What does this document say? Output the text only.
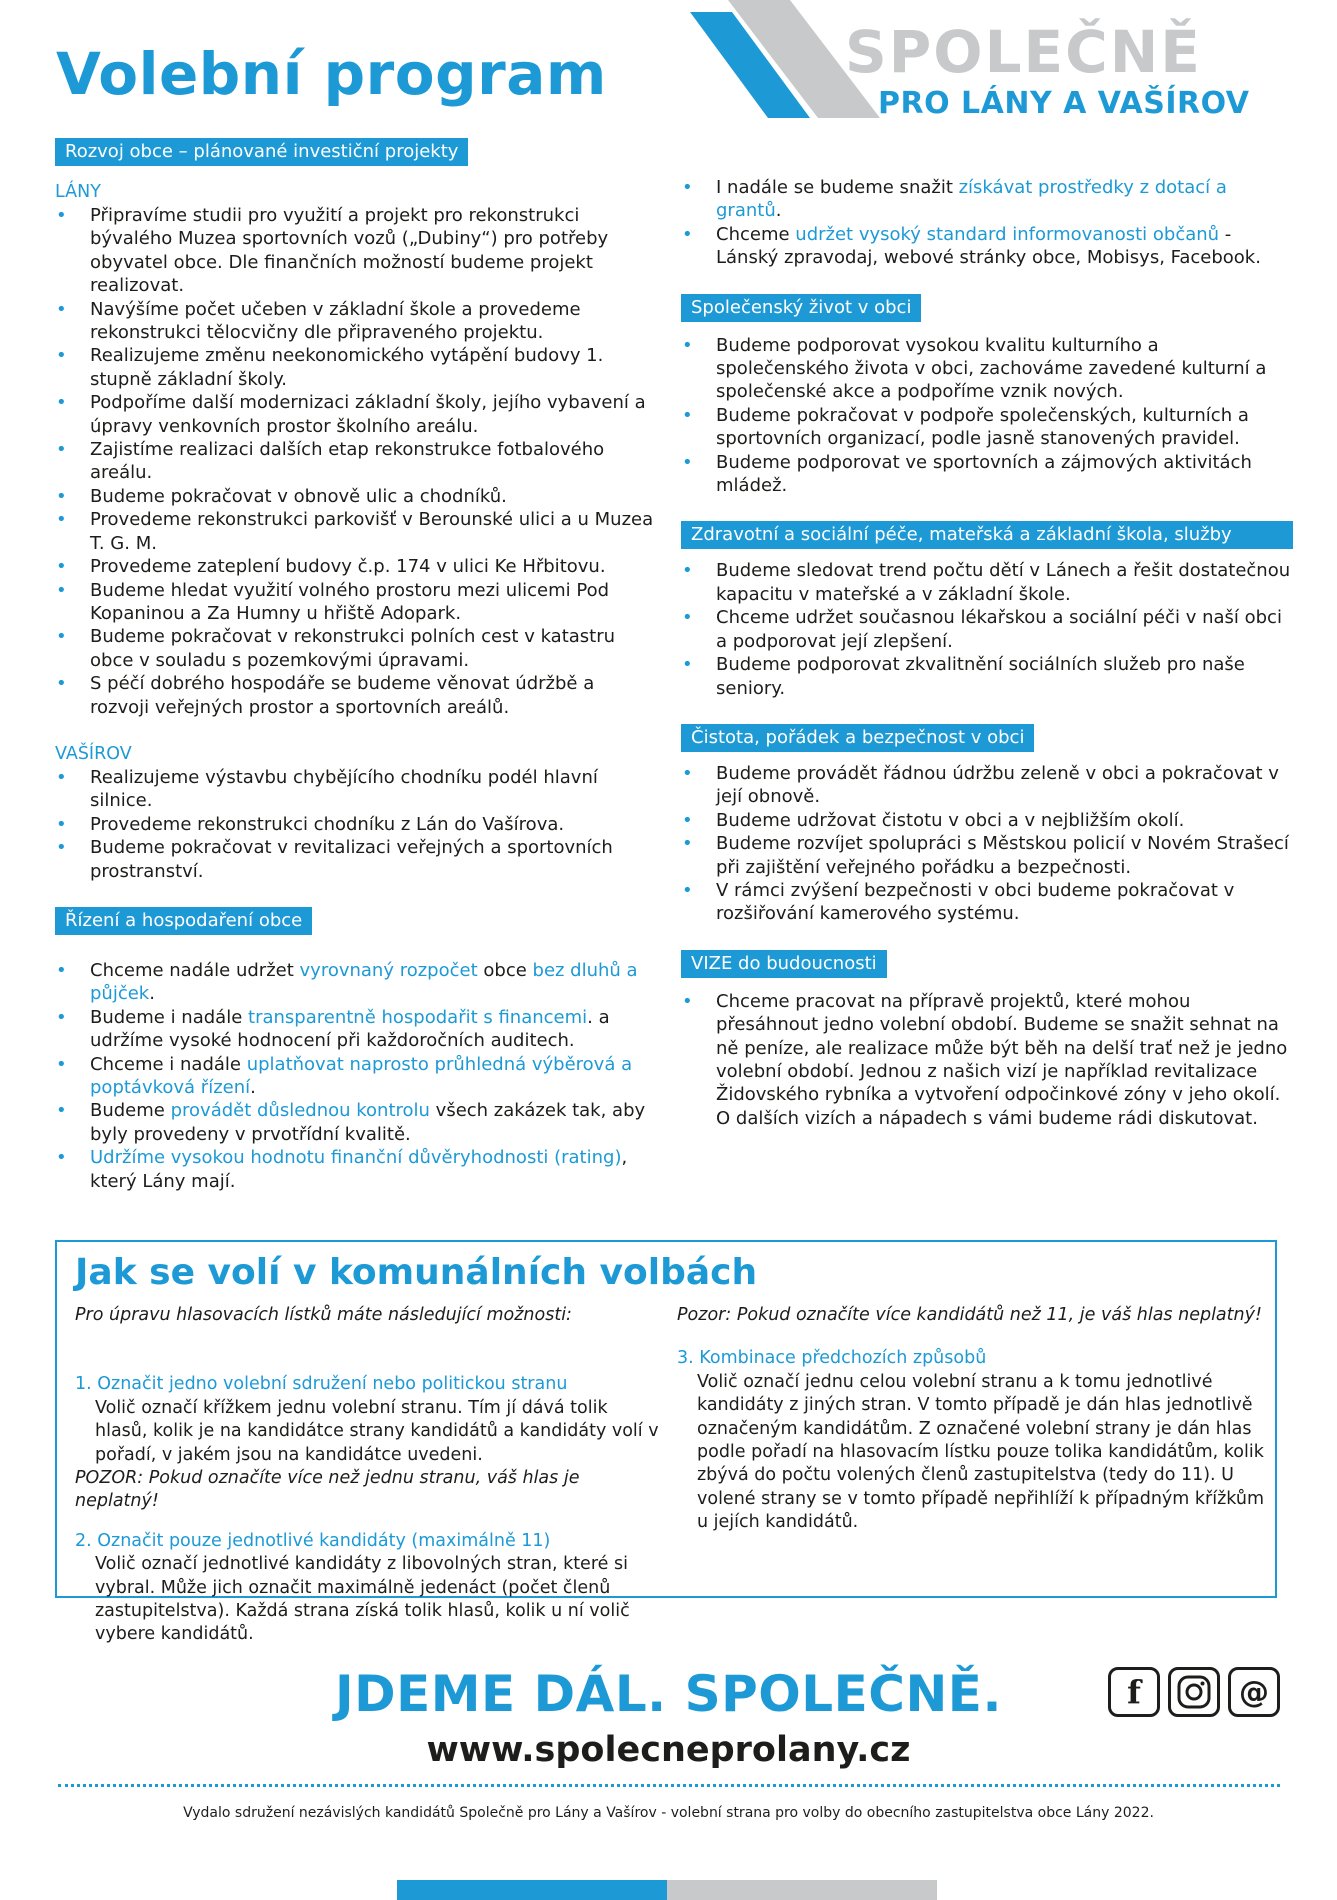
Volební program	SPOLEČNĚ
PRO LÁNY A VAŠÍROV
Rozvoj obce – plánované investiční projekty
LÁNY
• Připravíme studii pro využití a projekt pro rekonstrukci bývalého Muzea sportovních vozů („Dubiny“) pro potřeby obyvatel obce. Dle finančních možností budeme projekt realizovat.
• Navýšíme počet učeben v základní škole a provedeme rekonstrukci tělocvičny dle připraveného projektu.
• Realizujeme změnu neekonomického vytápění budovy 1. stupně základní školy.
• Podpoříme další modernizaci základní školy, jejího vybavení a úpravy venkovních prostor školního areálu.
• Zajistíme realizaci dalších etap rekonstrukce fotbalového areálu.
• Budeme pokračovat v obnově ulic a chodníků.
• Provedeme rekonstrukci parkovišť v Berounské ulici a u Muzea T. G. M.
• Provedeme zateplení budovy č.p. 174 v ulici Ke Hřbitovu.
• Budeme hledat využití volného prostoru mezi ulicemi Pod Kopaninou a Za Humny u hřiště Adopark.
• Budeme pokračovat v rekonstrukci polních cest v katastru obce v souladu s pozemkovými úpravami.
• S péčí dobrého hospodáře se budeme věnovat údržbě a rozvoji veřejných prostor a sportovních areálů.
VAŠÍROV
• Realizujeme výstavbu chybějícího chodníku podél hlavní silnice.
• Provedeme rekonstrukci chodníku z Lán do Vašírova.
• Budeme pokračovat v revitalizaci veřejných a sportovních prostranství.
Řízení a hospodaření obce
• Chceme nadále udržet vyrovnaný rozpočet obce bez dluhů a půjček.
• Budeme i nadále transparentně hospodařit s financemi. a udržíme vysoké hodnocení při každoročních auditech.
• Chceme i nadále uplatňovat naprosto průhledná výběrová a poptávková řízení.
• Budeme provádět důslednou kontrolu všech zakázek tak, aby byly provedeny v prvotřídní kvalitě.
• Udržíme vysokou hodnotu finanční důvěryhodnosti (rating), který Lány mají.
• I nadále se budeme snažit získávat prostředky z dotací a grantů.
• Chceme udržet vysoký standard informovanosti občanů - Lánský zpravodaj, webové stránky obce, Mobisys, Facebook.
Společenský život v obci
• Budeme podporovat vysokou kvalitu kulturního a společenského života v obci, zachováme zavedené kulturní a společenské akce a podpoříme vznik nových.
• Budeme pokračovat v podpoře společenských, kulturních a sportovních organizací, podle jasně stanovených pravidel.
• Budeme podporovat ve sportovních a zájmových aktivitách mládež.
Zdravotní a sociální péče, mateřská a základní škola, služby
• Budeme sledovat trend počtu dětí v Lánech a řešit dostatečnou kapacitu v mateřské a v základní škole.
• Chceme udržet současnou lékařskou a sociální péči v naší obci a podporovat její zlepšení.
• Budeme podporovat zkvalitnění sociálních služeb pro naše seniory.
Čistota, pořádek a bezpečnost v obci
• Budeme provádět řádnou údržbu zeleně v obci a pokračovat v její obnově.
• Budeme udržovat čistotu v obci a v nejbližším okolí.
• Budeme rozvíjet spolupráci s Městskou policií v Novém Strašecí při zajištění veřejného pořádku a bezpečnosti.
• V rámci zvýšení bezpečnosti v obci budeme pokračovat v rozšiřování kamerového systému.
VIZE do budoucnosti
• Chceme pracovat na přípravě projektů, které mohou přesáhnout jedno volební období. Budeme se snažit sehnat na ně peníze, ale realizace může být běh na delší trať než je jedno volební období. Jednou z našich vizí je například revitalizace Židovského rybníka a vytvoření odpočinkové zóny v jeho okolí. O dalších vizích a nápadech s vámi budeme rádi diskutovat.
Jak se volí v komunálních volbách
Pro úpravu hlasovacích lístků máte následující možnosti:
1. Označit jedno volební sdružení nebo politickou stranu
Volič označí křížkem jednu volební stranu. Tím jí dává tolik hlasů, kolik je na kandidátce strany kandidátů a kandidáty volí v pořadí, v jakém jsou na kandidátce uvedeni.
POZOR: Pokud označíte více než jednu stranu, váš hlas je neplatný!
2. Označit pouze jednotlivé kandidáty (maximálně 11)
Volič označí jednotlivé kandidáty z libovolných stran, které si vybral. Může jich označit maximálně jedenáct (počet členů zastupitelstva). Každá strana získá tolik hlasů, kolik u ní volič vybere kandidátů.
Pozor: Pokud označíte více kandidátů než 11, je váš hlas neplatný!
3. Kombinace předchozích způsobů
Volič označí jednu celou volební stranu a k tomu jednotlivé kandidáty z jiných stran. V tomto případě je dán hlas jednotlivě označeným kandidátům. Z označené volební strany je dán hlas podle pořadí na hlasovacím lístku pouze tolika kandidátům, kolik zbývá do počtu volených členů zastupitelstva (tedy do 11). U volené strany se v tomto případě nepřihlíží k případným křížkům u jejích kandidátů.
JDEME DÁL. SPOLEČNĚ.
www.spolecneprolany.cz
f	@
Vydalo sdružení nezávislých kandidátů Společně pro Lány a Vašírov - volební strana pro volby do obecního zastupitelstva obce Lány 2022.
